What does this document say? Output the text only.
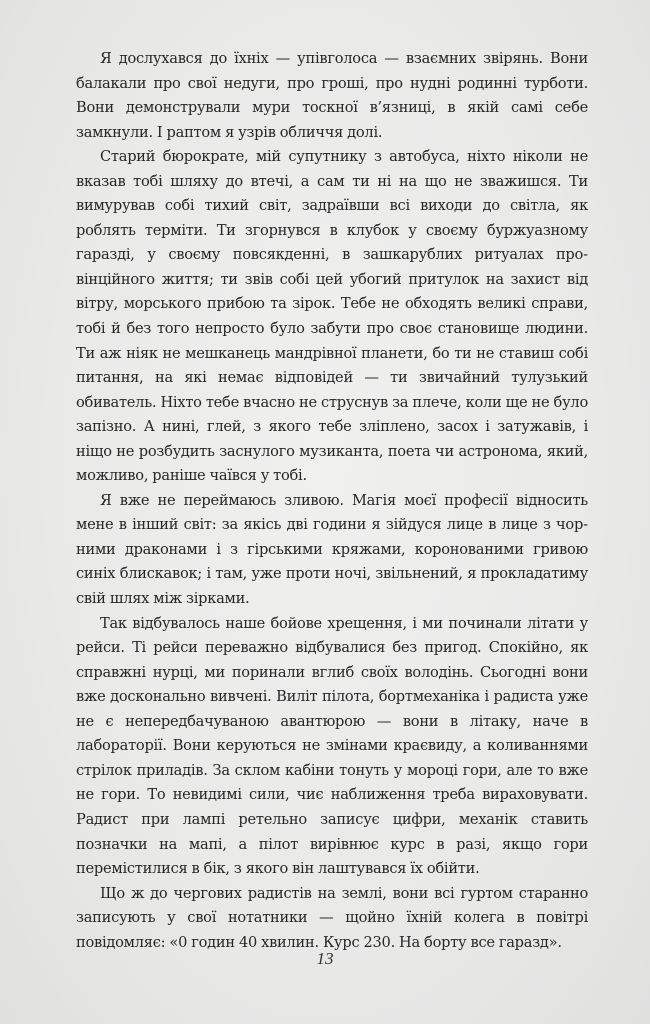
Я дослухався до їхніх — упівголоса — взаємних звірянь. Вони балакали про свої недуги, про гроші, про нудні родинні турботи. Вони демонстрували мури тоскної в’язниці, в якій самі себе замкнули. І раптом я узрів обличчя долі.

Старий бюрократе, мій супутнику з автобуса, ніхто ніколи не вказав тобі шляху до втечі, а сам ти ні на що не зважишся. Ти вимурував собі тихий світ, задраївши всі виходи до світла, як роблять терміти. Ти згорнувся в клубок у своєму буржуазному гаразді, у своєму повсякденні, в зашкарублих ритуалах провінційного життя; ти звів собі цей убогий притулок на захист від вітру, морського прибою та зірок. Тебе не обходять великі справи, тобі й без того непросто було забути про своє становище людини. Ти аж ніяк не мешканець мандрівної планети, бо ти не ставиш собі питання, на які немає відповідей — ти звичайний тулузький обиватель. Ніхто тебе вчасно не струснув за плече, коли ще не було запізно. А нині, глей, з якого тебе зліплено, засох і затужавів, і ніщо не розбудить заснулого музиканта, поета чи астронома, який, можливо, раніше чаївся у тобі.

Я вже не переймаюсь зливою. Магія моєї професії відносить мене в інший світ: за якісь дві години я зійдуся лице в лице з чорними драконами і з гірськими кряжами, коронованими гривою синіх блискавок; і там, уже проти ночі, звільнений, я прокладатиму свій шлях між зірками.

Так відбувалось наше бойове хрещення, і ми починали літати у рейси. Ті рейси переважно відбувалися без пригод. Спокійно, як справжні нурці, ми поринали вглиб своїх володінь. Сьогодні вони вже досконально вивчені. Виліт пілота, бортмеханіка і радиста уже не є непередбачуваною авантюрою — вони в літаку, наче в лабораторії. Вони керуються не змінами краєвиду, а коливаннями стрілок приладів. За склом кабіни тонуть у мороці гори, але то вже не гори. То невидимі сили, чиє наближення треба вираховувати. Радист при лампі ретельно записує цифри, механік ставить позначки на мапі, а пілот вирівнює курс в разі, якщо гори перемістилися в бік, з якого він лаштувався їх обійти.

Що ж до чергових радистів на землі, вони всі гуртом старанно записують у свої нотатники — щойно їхній колега в повітрі повідомляє: «0 годин 40 хвилин. Курс 230. На борту все гаразд».

13
